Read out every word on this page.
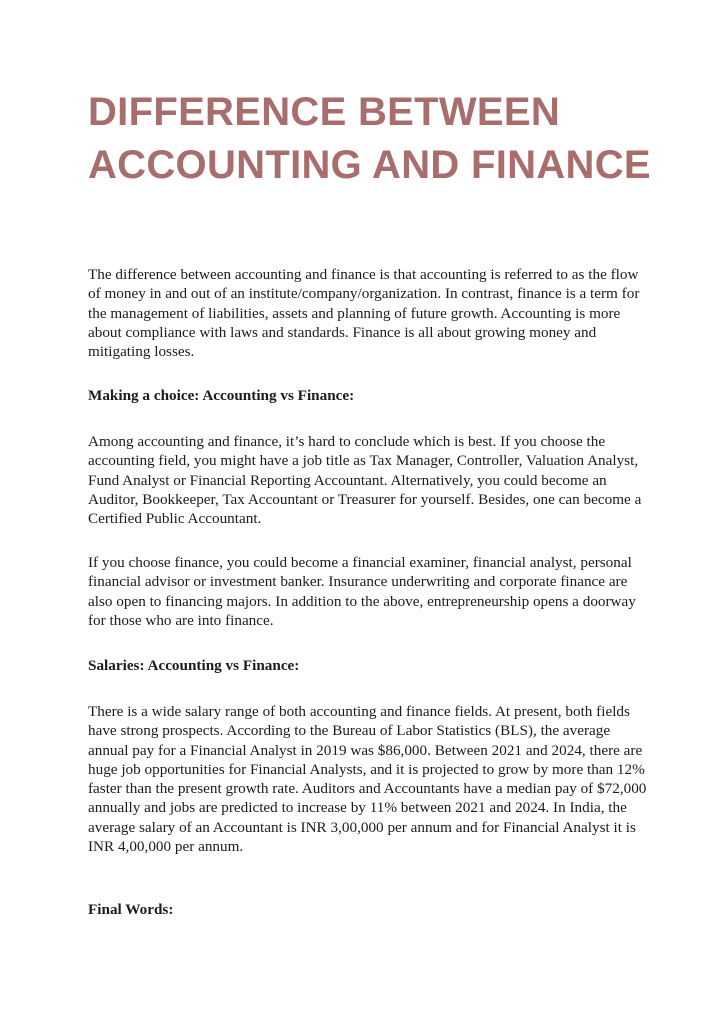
DIFFERENCE BETWEEN ACCOUNTING AND FINANCE

The difference between accounting and finance is that accounting is referred to as the flow of money in and out of an institute/company/organization. In contrast, finance is a term for the management of liabilities, assets and planning of future growth. Accounting is more about compliance with laws and standards. Finance is all about growing money and mitigating losses.

Making a choice: Accounting vs Finance:

Among accounting and finance, it’s hard to conclude which is best. If you choose the accounting field, you might have a job title as Tax Manager, Controller, Valuation Analyst, Fund Analyst or Financial Reporting Accountant. Alternatively, you could become an Auditor, Bookkeeper, Tax Accountant or Treasurer for yourself. Besides, one can become a Certified Public Accountant.

If you choose finance, you could become a financial examiner, financial analyst, personal financial advisor or investment banker. Insurance underwriting and corporate finance are also open to financing majors. In addition to the above, entrepreneurship opens a doorway for those who are into finance.

Salaries: Accounting vs Finance:

There is a wide salary range of both accounting and finance fields. At present, both fields have strong prospects. According to the Bureau of Labor Statistics (BLS), the average annual pay for a Financial Analyst in 2019 was $86,000. Between 2021 and 2024, there are huge job opportunities for Financial Analysts, and it is projected to grow by more than 12% faster than the present growth rate. Auditors and Accountants have a median pay of $72,000 annually and jobs are predicted to increase by 11% between 2021 and 2024. In India, the average salary of an Accountant is INR 3,00,000 per annum and for Financial Analyst it is INR 4,00,000 per annum.

Final Words:
